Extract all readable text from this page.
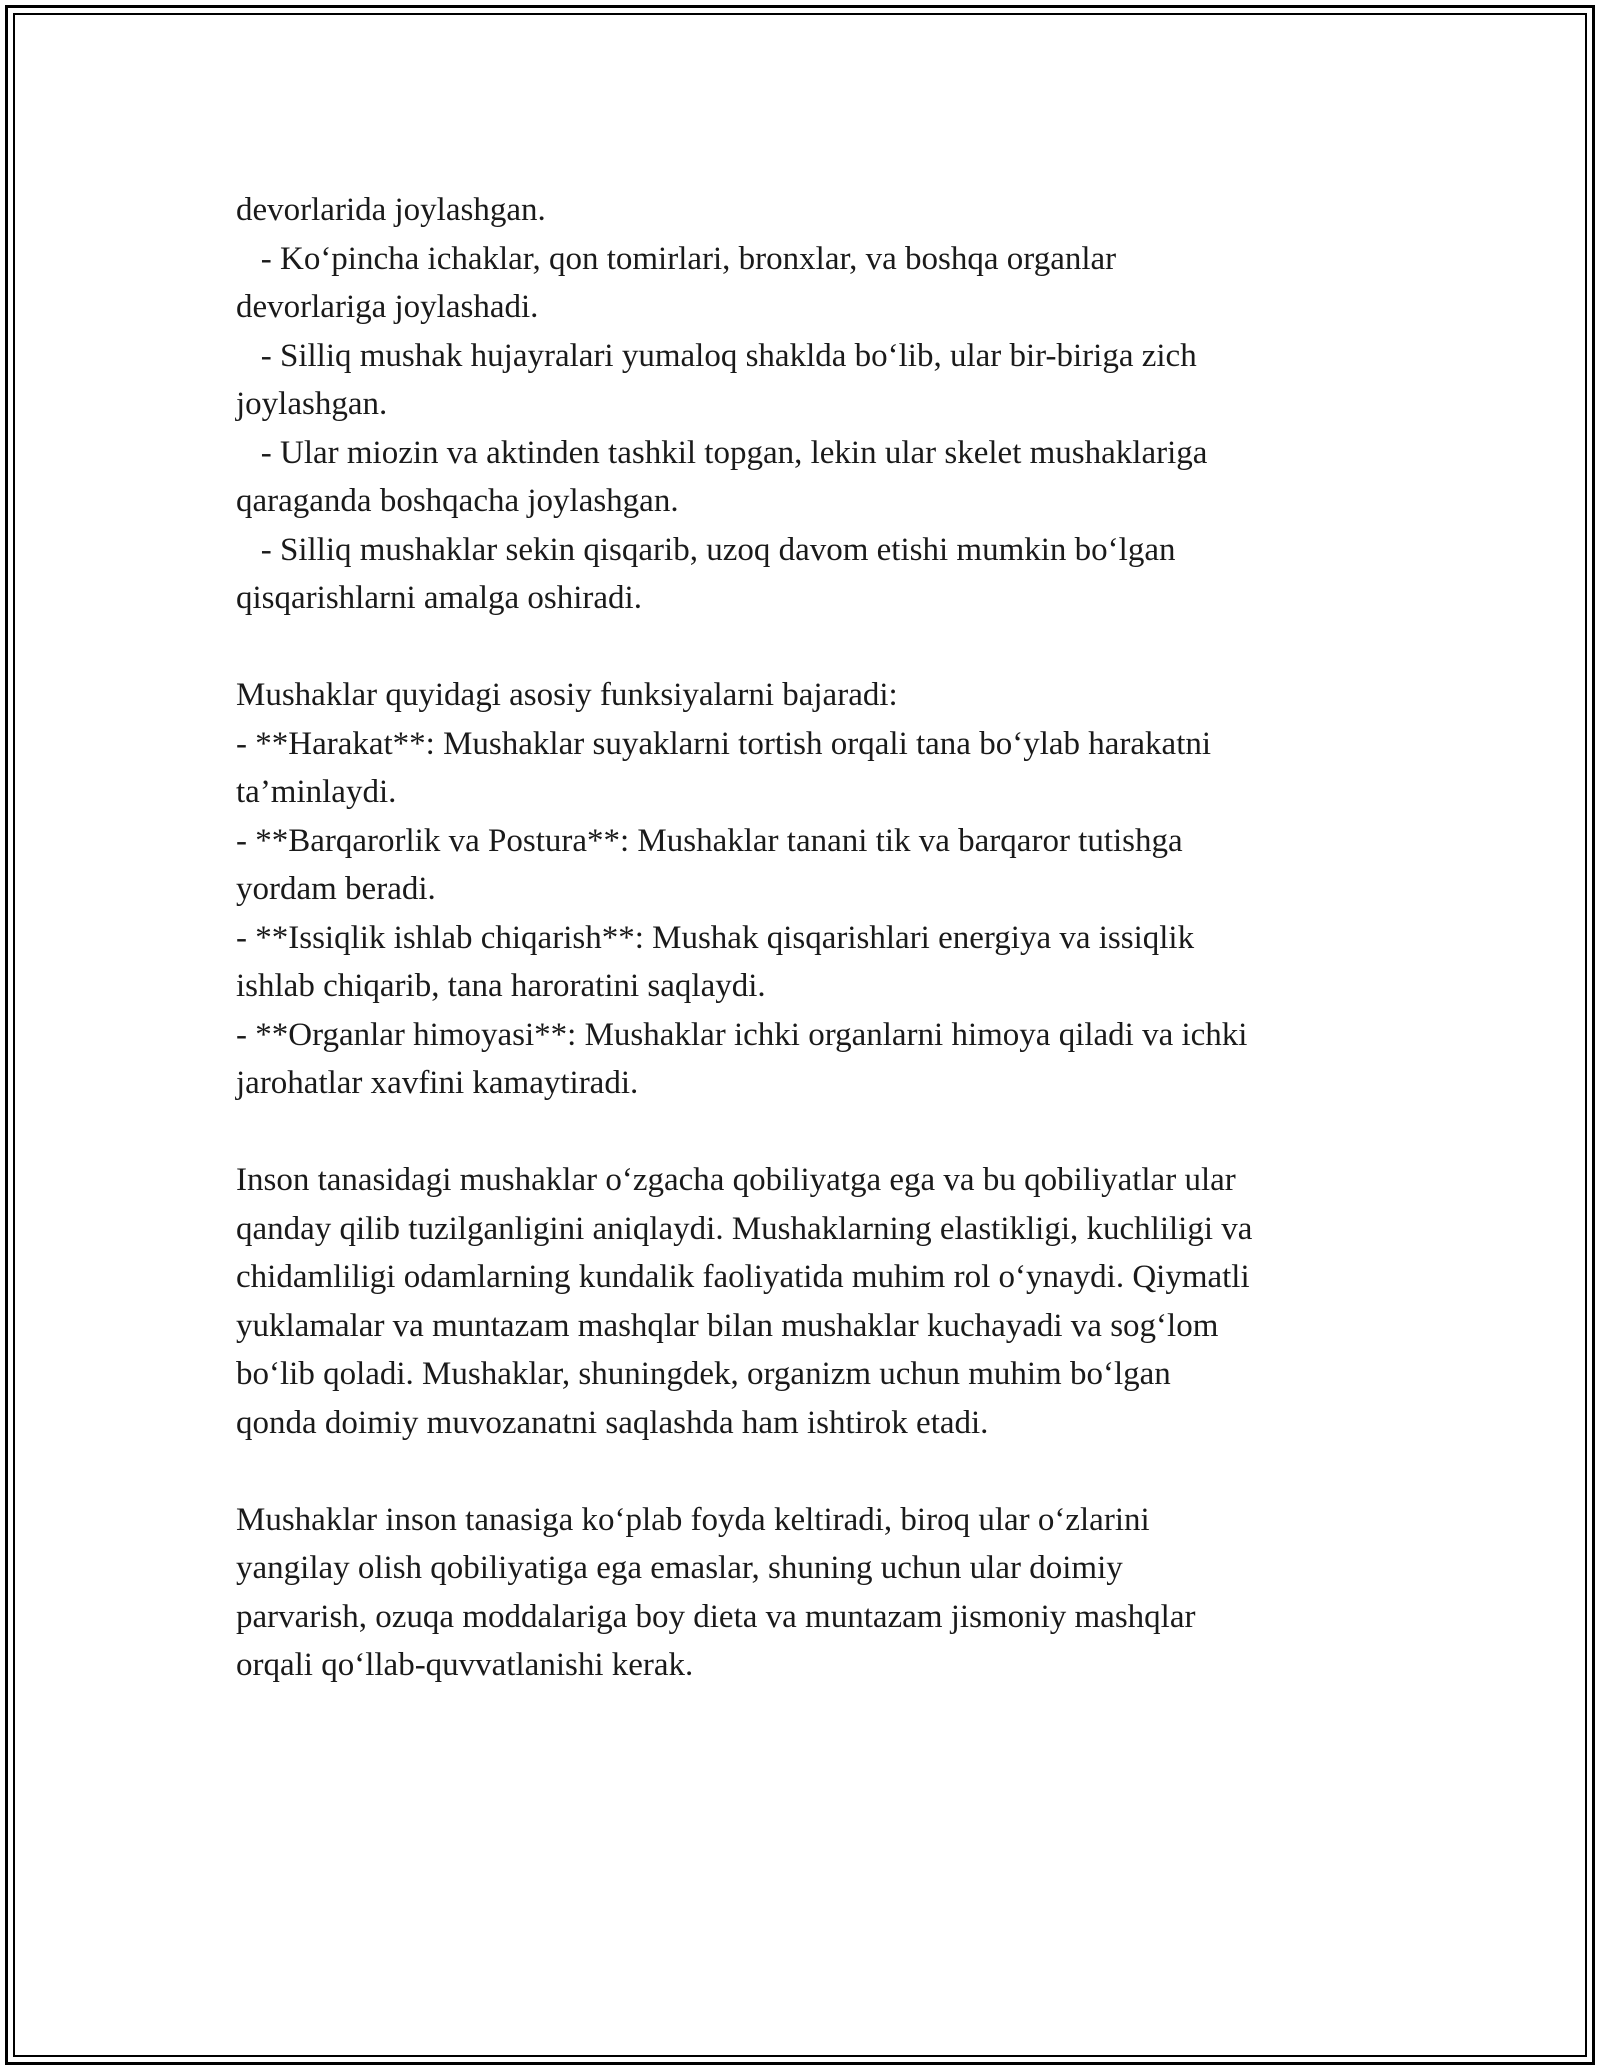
devorlarida joylashgan.
- Ko‘pincha ichaklar, qon tomirlari, bronxlar, va boshqa organlar
devorlariga joylashadi.
- Silliq mushak hujayralari yumaloq shaklda bo‘lib, ular bir-biriga zich
joylashgan.
- Ular miozin va aktinden tashkil topgan, lekin ular skelet mushaklariga
qaraganda boshqacha joylashgan.
- Silliq mushaklar sekin qisqarib, uzoq davom etishi mumkin bo‘lgan
qisqarishlarni amalga oshiradi.
Mushaklar quyidagi asosiy funksiyalarni bajaradi:
- **Harakat**: Mushaklar suyaklarni tortish orqali tana bo‘ylab harakatni
ta’minlaydi.
- **Barqarorlik va Postura**: Mushaklar tanani tik va barqaror tutishga
yordam beradi.
- **Issiqlik ishlab chiqarish**: Mushak qisqarishlari energiya va issiqlik
ishlab chiqarib, tana haroratini saqlaydi.
- **Organlar himoyasi**: Mushaklar ichki organlarni himoya qiladi va ichki
jarohatlar xavfini kamaytiradi.
Inson tanasidagi mushaklar o‘zgacha qobiliyatga ega va bu qobiliyatlar ular
qanday qilib tuzilganligini aniqlaydi. Mushaklarning elastikligi, kuchliligi va
chidamliligi odamlarning kundalik faoliyatida muhim rol o‘ynaydi. Qiymatli
yuklamalar va muntazam mashqlar bilan mushaklar kuchayadi va sog‘lom
bo‘lib qoladi. Mushaklar, shuningdek, organizm uchun muhim bo‘lgan
qonda doimiy muvozanatni saqlashda ham ishtirok etadi.
Mushaklar inson tanasiga ko‘plab foyda keltiradi, biroq ular o‘zlarini
yangilay olish qobiliyatiga ega emaslar, shuning uchun ular doimiy
parvarish, ozuqa moddalariga boy dieta va muntazam jismoniy mashqlar
orqali qo‘llab-quvvatlanishi kerak.
